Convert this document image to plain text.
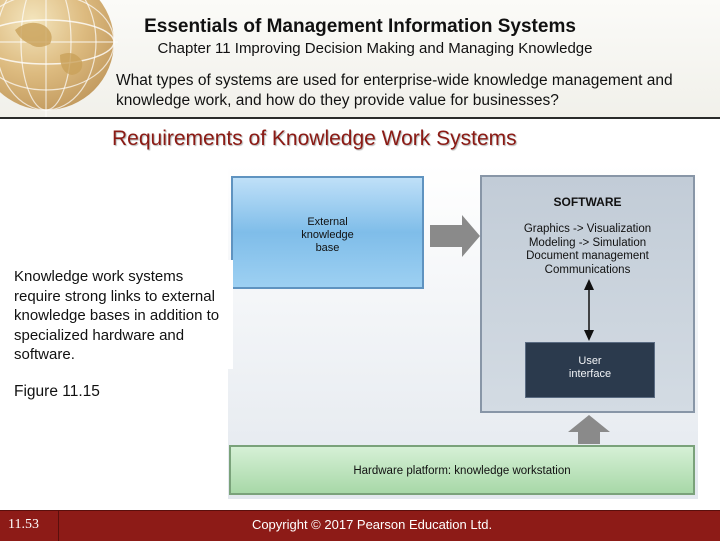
Essentials of Management Information Systems
Chapter 11 Improving Decision Making and Managing Knowledge
What types of systems are used for enterprise-wide knowledge management and knowledge work, and how do they provide value for businesses?
Requirements of Knowledge Work Systems
External
knowledge
base
SOFTWARE
Graphics -> Visualization
Modeling -> Simulation
Document management
Communications
User
interface
Hardware platform: knowledge workstation
Knowledge work systems require strong links to external knowledge bases in addition to specialized hardware and software.
Figure 11.15
11.53	Copyright © 2017 Pearson Education Ltd.
